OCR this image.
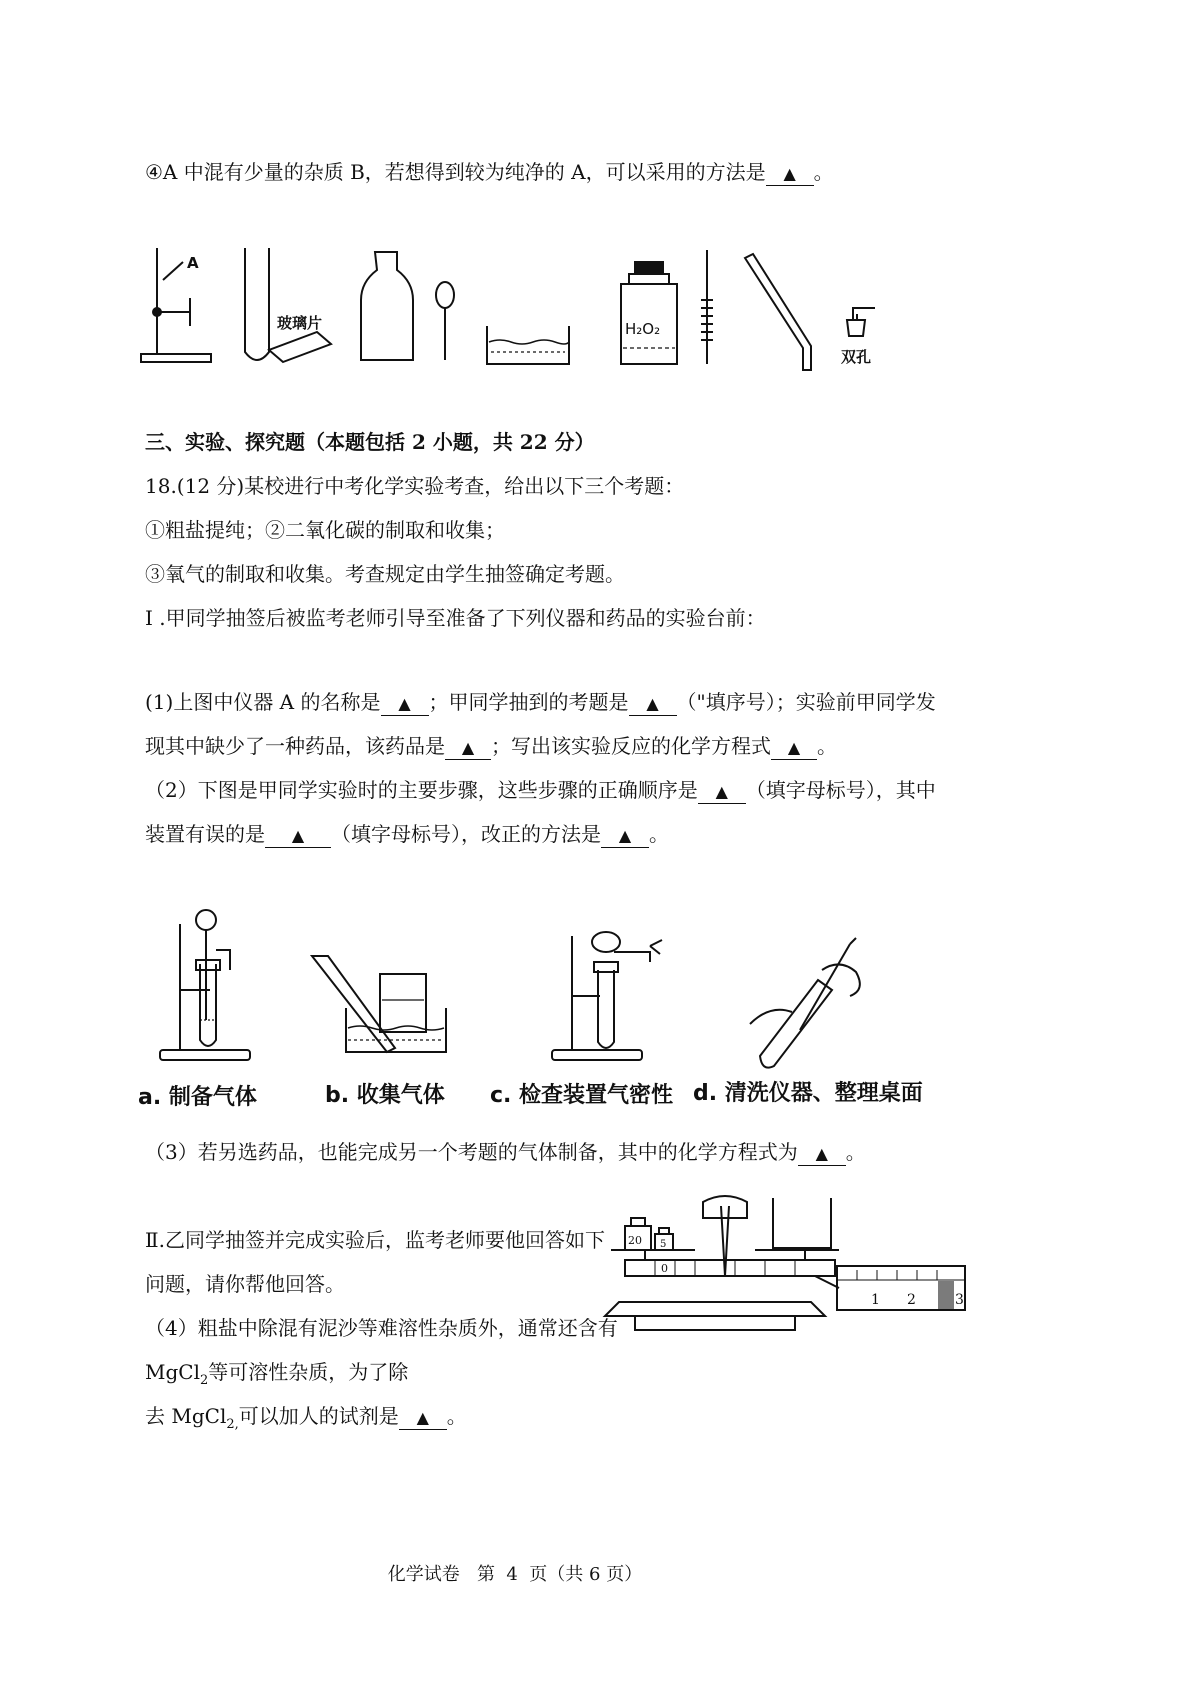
④A 中混有少量的杂质 B，若想得到较为纯净的 A，可以采用的方法是 ▲ 。
A
玻璃片	H₂O₂
双孔
三、实验、探究题（本题包括 2 小题，共 22 分）
18.(12 分)某校进行中考化学实验考查，给出以下三个考题：
①粗盐提纯；②二氧化碳的制取和收集；
③氧气的制取和收集。考查规定由学生抽签确定考题。
I .甲同学抽签后被监考老师引导至准备了下列仪器和药品的实验台前：
(1)上图中仪器 A 的名称是 ▲ ；甲同学抽到的考题是 ▲ （"填序号）；实验前甲同学发
现其中缺少了一种药品，该药品是 ▲ ；写出该实验反应的化学方程式 ▲ 。
（2）下图是甲同学实验时的主要步骤，这些步骤的正确顺序是 ▲ （填字母标号），其中
装置有误的是 ▲ （填字母标号），改正的方法是 ▲ 。
a. 制备气体	b. 收集气体 c. 检查装置气密性 d. 清洗仪器、整理桌面
（3）若另选药品，也能完成另一个考题的气体制备，其中的化学方程式为 ▲ 。
Ⅱ.乙同学抽签并完成实验后，监考老师要他回答如下
问题，请你帮他回答。
（4）粗盐中除混有泥沙等难溶性杂质外，通常还含有
MgCl$_2$等可溶性杂质，为了除
去 MgCl$_{2,}$可以加人的试剂是 ▲ 。
20 5
0
1 2	3
化学试卷   第  4  页（共 6 页）
